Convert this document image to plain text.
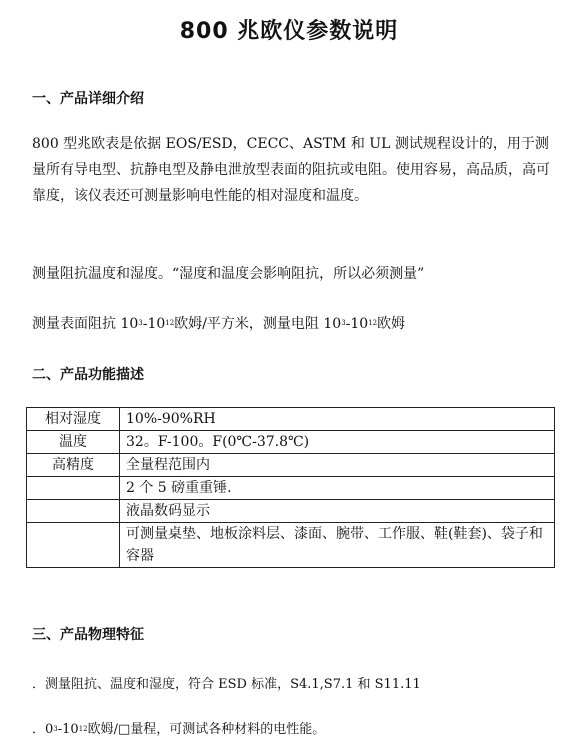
800 兆欧仪参数说明
一、产品详细介绍
800 型兆欧表是依据 EOS/ESD，CECC、ASTM 和 UL 测试规程设计的，用于测量所有导电型、抗静电型及静电泄放型表面的阻抗或电阻。使用容易，高品质，高可靠度，该仪表还可测量影响电性能的相对湿度和温度。
测量阻抗温度和湿度。“湿度和温度会影响阻抗，所以必须测量”
测量表面阻抗 $10^3-10^{12}$欧姆/平方米，测量电阻 $10^3-10^{12}$欧姆
二、产品功能描述
相对湿度	10%-90%RH
温度	32。F-100。F(0℃-37.8℃)
高精度	全量程范围内
	2 个 5 磅重重锤.
	液晶数码显示
	可测量桌垫、地板涂料层、漆面、腕带、工作服、鞋(鞋套)、袋子和容器
三、产品物理特征
．测量阻抗、温度和湿度，符合 ESD 标准，S4.1,S7.1 和 S11.11
．$0^3-10^{12}$欧姆/□量程，可测试各种材料的电性能。
